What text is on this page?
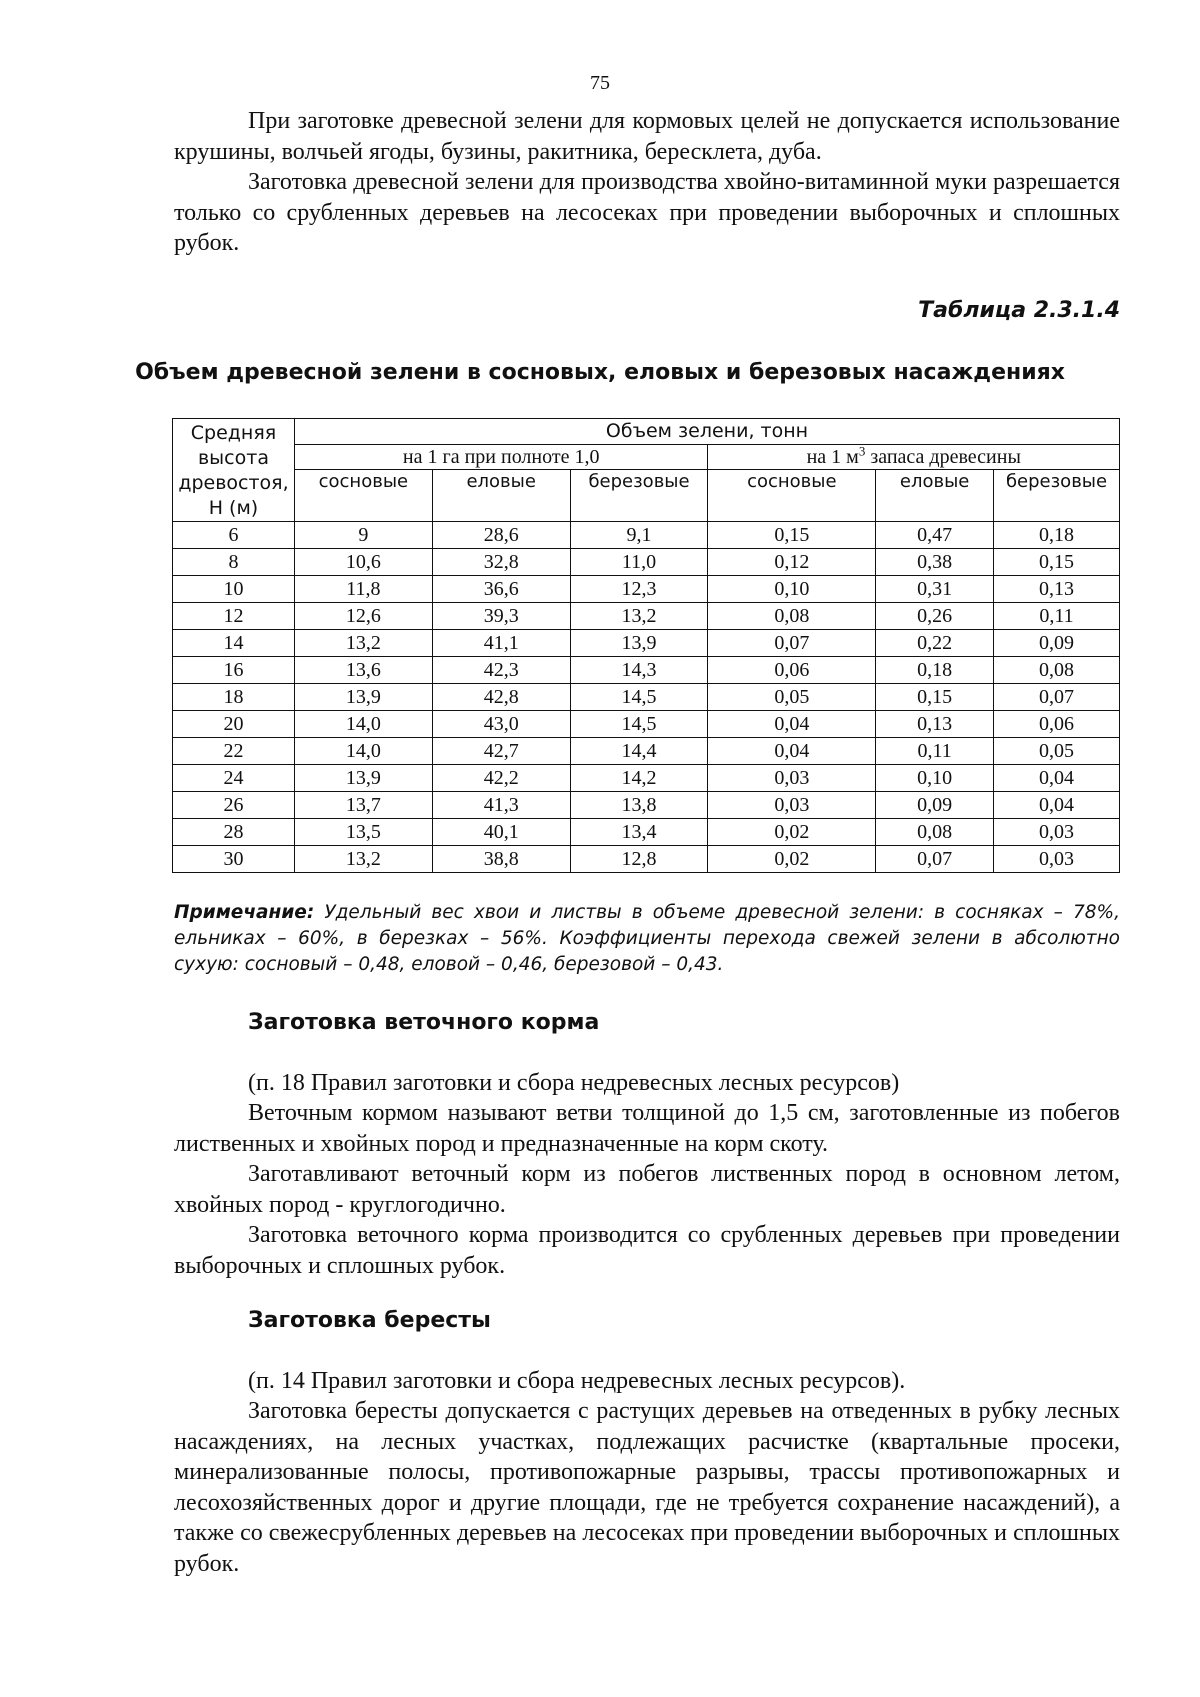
75

При заготовке древесной зелени для кормовых целей не допускается использование крушины, волчьей ягоды, бузины, ракитника, бересклета, дуба.

Заготовка древесной зелени для производства хвойно-витаминной муки разрешается только со срубленных деревьев на лесосеках при проведении выборочных и сплошных рубок.

Таблица 2.3.1.4
Объем древесной зелени в сосновых, еловых и березовых насаждениях
Средняя высота древостоя, Н (м)	Объем зелени, тонн					
	на 1 га при полноте 1,0			на 1 $м^3$ запаса древесины		
	сосновые	еловые	березовые	сосновые	еловые	березовые
6	9	28,6	9,1	0,15	0,47	0,18
8	10,6	32,8	11,0	0,12	0,38	0,15
10	11,8	36,6	12,3	0,10	0,31	0,13
12	12,6	39,3	13,2	0,08	0,26	0,11
14	13,2	41,1	13,9	0,07	0,22	0,09
16	13,6	42,3	14,3	0,06	0,18	0,08
18	13,9	42,8	14,5	0,05	0,15	0,07
20	14,0	43,0	14,5	0,04	0,13	0,06
22	14,0	42,7	14,4	0,04	0,11	0,05
24	13,9	42,2	14,2	0,03	0,10	0,04
26	13,7	41,3	13,8	0,03	0,09	0,04
28	13,5	40,1	13,4	0,02	0,08	0,03
30	13,2	38,8	12,8	0,02	0,07	0,03

Примечание: Удельный вес хвои и листвы в объеме древесной зелени: в сосняках – 78%, ельниках – 60%, в березках – 56%. Коэффициенты перехода свежей зелени в абсолютно сухую: сосновый – 0,48, еловой – 0,46, березовой – 0,43.

Заготовка веточного корма

(п. 18 Правил заготовки и сбора недревесных лесных ресурсов)

Веточным кормом называют ветви толщиной до 1,5 см, заготовленные из побегов лиственных и хвойных пород и предназначенные на корм скоту.

Заготавливают веточный корм из побегов лиственных пород в основном летом, хвойных пород - круглогодично.

Заготовка веточного корма производится со срубленных деревьев при проведении выборочных и сплошных рубок.

Заготовка бересты

(п. 14 Правил заготовки и сбора недревесных лесных ресурсов).

Заготовка бересты допускается с растущих деревьев на отведенных в рубку лесных насаждениях, на лесных участках, подлежащих расчистке (квартальные просеки, минерализованные полосы, противопожарные разрывы, трассы противопожарных и лесохозяйственных дорог и другие площади, где не требуется сохранение насаждений), а также со свежесрубленных деревьев на лесосеках при проведении выборочных и сплошных рубок.
